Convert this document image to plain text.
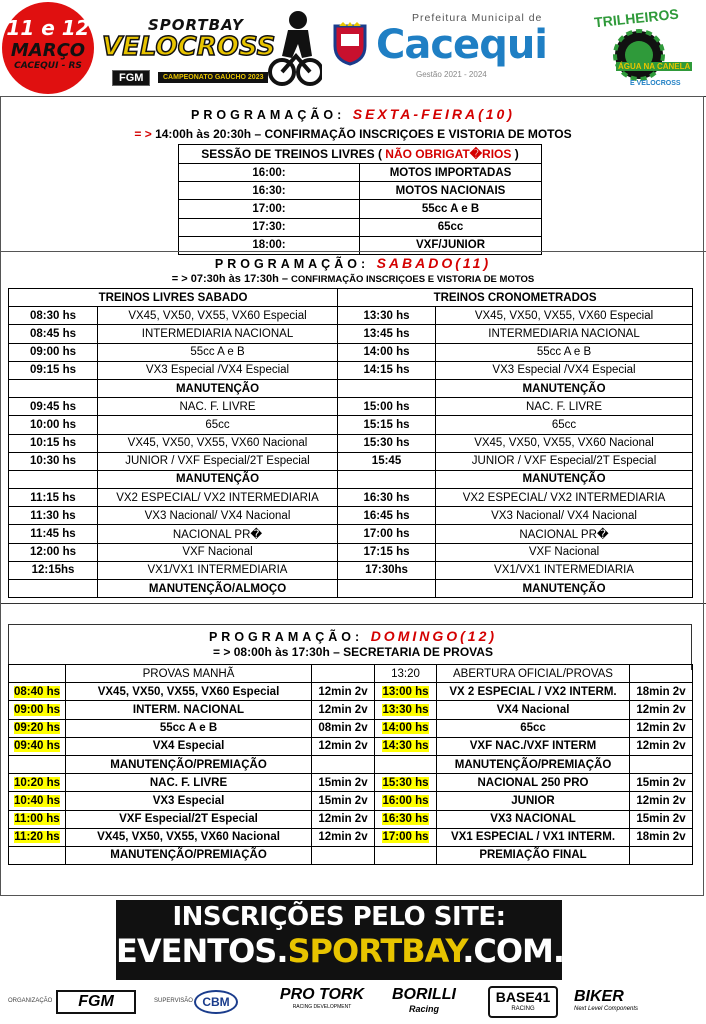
11 e 12
MARÇO
CACEQUI - RS
SPORTBAY
VELOCROSS
FGM	CAMPEONATO GAÚCHO 2023
Prefeitura Municipal de
Cacequi
Gestão 2021 - 2024
TRILHEIROS
ÁGUA NA CANELA
E VELOCROSS
PROGRAMAÇÃO: SEXTA-FEIRA(10)
= > 14:00h às 20:30h – CONFIRMAÇÃO INSCRIÇOES E VISTORIA DE MOTOS
SESSÃO DE TREINOS LIVRES ( NÃO OBRIGAT�RIOS )	
16:00:	MOTOS IMPORTADAS
16:30:	MOTOS NACIONAIS
17:00:	55cc A e B
17:30:	65cc
18:00:	VXF/JUNIOR
PROGRAMAÇÃO: SABADO(11)
= > 07:30h às 17:30h – CONFIRMAÇÃO INSCRIÇOES E VISTORIA DE MOTOS
TREINOS LIVRES SABADO		TREINOS CRONOMETRADOS	
08:30 hs	VX45, VX50, VX55, VX60 Especial	13:30 hs	VX45, VX50, VX55, VX60 Especial
08:45 hs	INTERMEDIARIA NACIONAL	13:45 hs	INTERMEDIARIA NACIONAL
09:00 hs	55cc A e B	14:00 hs	55cc A e B
09:15 hs	VX3 Especial /VX4 Especial	14:15 hs	VX3 Especial /VX4 Especial
	MANUTENÇÃO		MANUTENÇÃO
09:45 hs	NAC. F. LIVRE	15:00 hs	NAC. F. LIVRE
10:00 hs	65cc	15:15 hs	65cc
10:15 hs	VX45, VX50, VX55, VX60 Nacional	15:30 hs	VX45, VX50, VX55, VX60 Nacional
10:30 hs	JUNIOR / VXF Especial/2T Especial	15:45	JUNIOR / VXF Especial/2T Especial
	MANUTENÇÃO		MANUTENÇÃO
11:15 hs	VX2 ESPECIAL/ VX2 INTERMEDIARIA	16:30 hs	VX2 ESPECIAL/ VX2 INTERMEDIARIA
11:30 hs	VX3 Nacional/ VX4 Nacional	16:45 hs	VX3 Nacional/ VX4 Nacional
11:45 hs	NACIONAL PR�	17:00 hs	NACIONAL PR�
12:00 hs	VXF Nacional	17:15 hs	VXF Nacional
12:15hs	VX1/VX1 INTERMEDIARIA	17:30hs	VX1/VX1 INTERMEDIARIA
	MANUTENÇÃO/ALMOÇO		MANUTENÇÃO
PROGRAMAÇÃO: DOMINGO(12)
= > 08:00h às 17:30h – SECRETARIA DE PROVAS
	PROVAS MANHÃ		13:20	ABERTURA OFICIAL/PROVAS	
08:40 hs	VX45, VX50, VX55, VX60 Especial	12min 2v	13:00 hs	VX 2 ESPECIAL / VX2 INTERM.	18min 2v
09:00 hs	INTERM. NACIONAL	12min 2v	13:30 hs	VX4 Nacional	12min 2v
09:20 hs	55cc A e B	08min 2v	14:00 hs	65cc	12min 2v
09:40 hs	VX4 Especial	12min 2v	14:30 hs	VXF NAC./VXF INTERM	12min 2v
	MANUTENÇÃO/PREMIAÇÃO			MANUTENÇÃO/PREMIAÇÃO	
10:20 hs	NAC. F. LIVRE	15min 2v	15:30 hs	NACIONAL 250 PRO	15min 2v
10:40 hs	VX3 Especial	15min 2v	16:00 hs	JUNIOR	12min 2v
11:00 hs	VXF Especial/2T Especial	12min 2v	16:30 hs	VX3 NACIONAL	15min 2v
11:20 hs	VX45, VX50, VX55, VX60 Nacional	12min 2v	17:00 hs	VX1 ESPECIAL / VX1 INTERM.	18min 2v
	MANUTENÇÃO/PREMIAÇÃO			PREMIAÇÃO FINAL	
INSCRIÇÕES PELO SITE:
EVENTOS.SPORTBAY.COM.BR
ORGANIZAÇÃO	FGM	SUPERVISÃO CBM	PRO TORK
RACING DEVELOPMENT
BORILLI
Racing
BASE41
RACING
BIKER
Next Level Components
